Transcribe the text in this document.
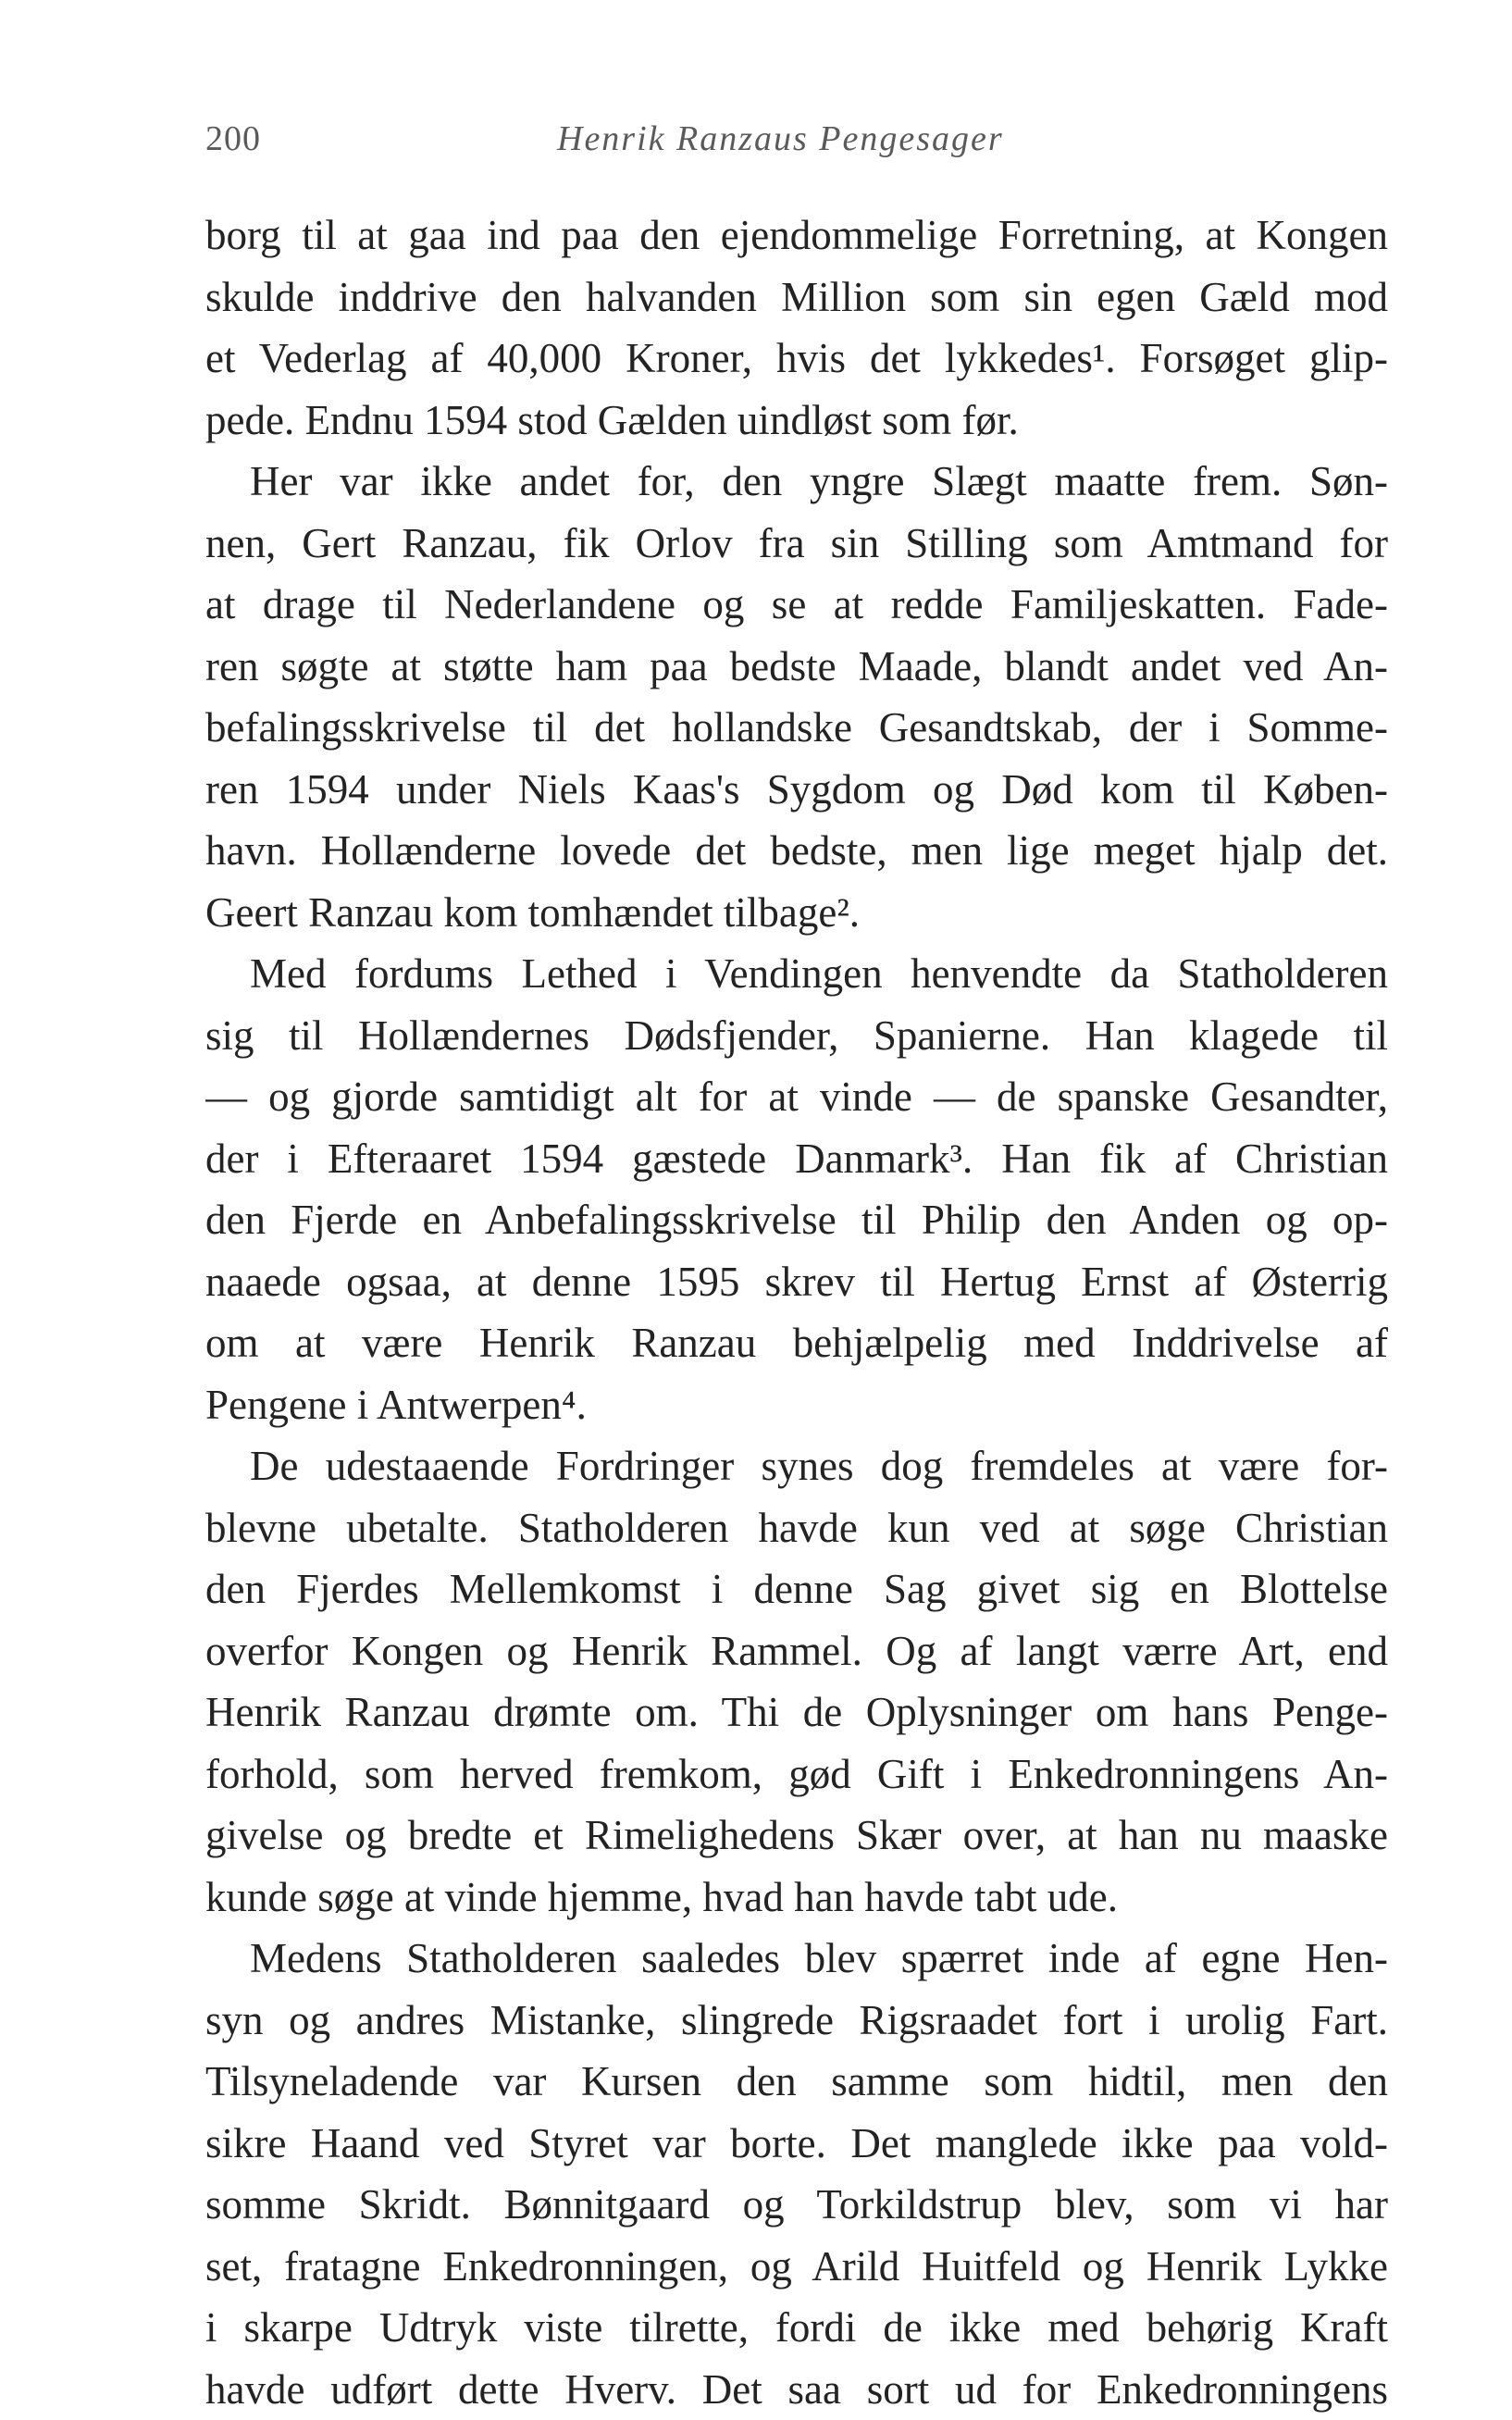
200	Henrik Ranzaus Pengesager
borg til at gaa ind paa den ejendommelige Forretning, at Kongen
skulde inddrive den halvanden Million som sin egen Gæld mod
et Vederlag af 40,000 Kroner, hvis det lykkedes¹. Forsøget glip-
pede. Endnu 1594 stod Gælden uindløst som før.
Her var ikke andet for, den yngre Slægt maatte frem. Søn-
nen, Gert Ranzau, fik Orlov fra sin Stilling som Amtmand for
at drage til Nederlandene og se at redde Familjeskatten. Fade-
ren søgte at støtte ham paa bedste Maade, blandt andet ved An-
befalingsskrivelse til det hollandske Gesandtskab, der i Somme-
ren 1594 under Niels Kaas's Sygdom og Død kom til Køben-
havn. Hollænderne lovede det bedste, men lige meget hjalp det.
Geert Ranzau kom tomhændet tilbage².
Med fordums Lethed i Vendingen henvendte da Statholderen
sig til Hollændernes Dødsfjender, Spanierne. Han klagede til
— og gjorde samtidigt alt for at vinde — de spanske Gesandter,
der i Efteraaret 1594 gæstede Danmark³. Han fik af Christian
den Fjerde en Anbefalingsskrivelse til Philip den Anden og op-
naaede ogsaa, at denne 1595 skrev til Hertug Ernst af Østerrig
om at være Henrik Ranzau behjælpelig med Inddrivelse af
Pengene i Antwerpen⁴.
De udestaaende Fordringer synes dog fremdeles at være for-
blevne ubetalte. Statholderen havde kun ved at søge Christian
den Fjerdes Mellemkomst i denne Sag givet sig en Blottelse
overfor Kongen og Henrik Rammel. Og af langt værre Art, end
Henrik Ranzau drømte om. Thi de Oplysninger om hans Penge-
forhold, som herved fremkom, gød Gift i Enkedronningens An-
givelse og bredte et Rimelighedens Skær over, at han nu maaske
kunde søge at vinde hjemme, hvad han havde tabt ude.
Medens Statholderen saaledes blev spærret inde af egne Hen-
syn og andres Mistanke, slingrede Rigsraadet fort i urolig Fart.
Tilsyneladende var Kursen den samme som hidtil, men den
sikre Haand ved Styret var borte. Det manglede ikke paa vold-
somme Skridt. Bønnitgaard og Torkildstrup blev, som vi har
set, fratagne Enkedronningen, og Arild Huitfeld og Henrik Lykke
i skarpe Udtryk viste tilrette, fordi de ikke med behørig Kraft
havde udført dette Hverv. Det saa sort ud for Enkedronningens
